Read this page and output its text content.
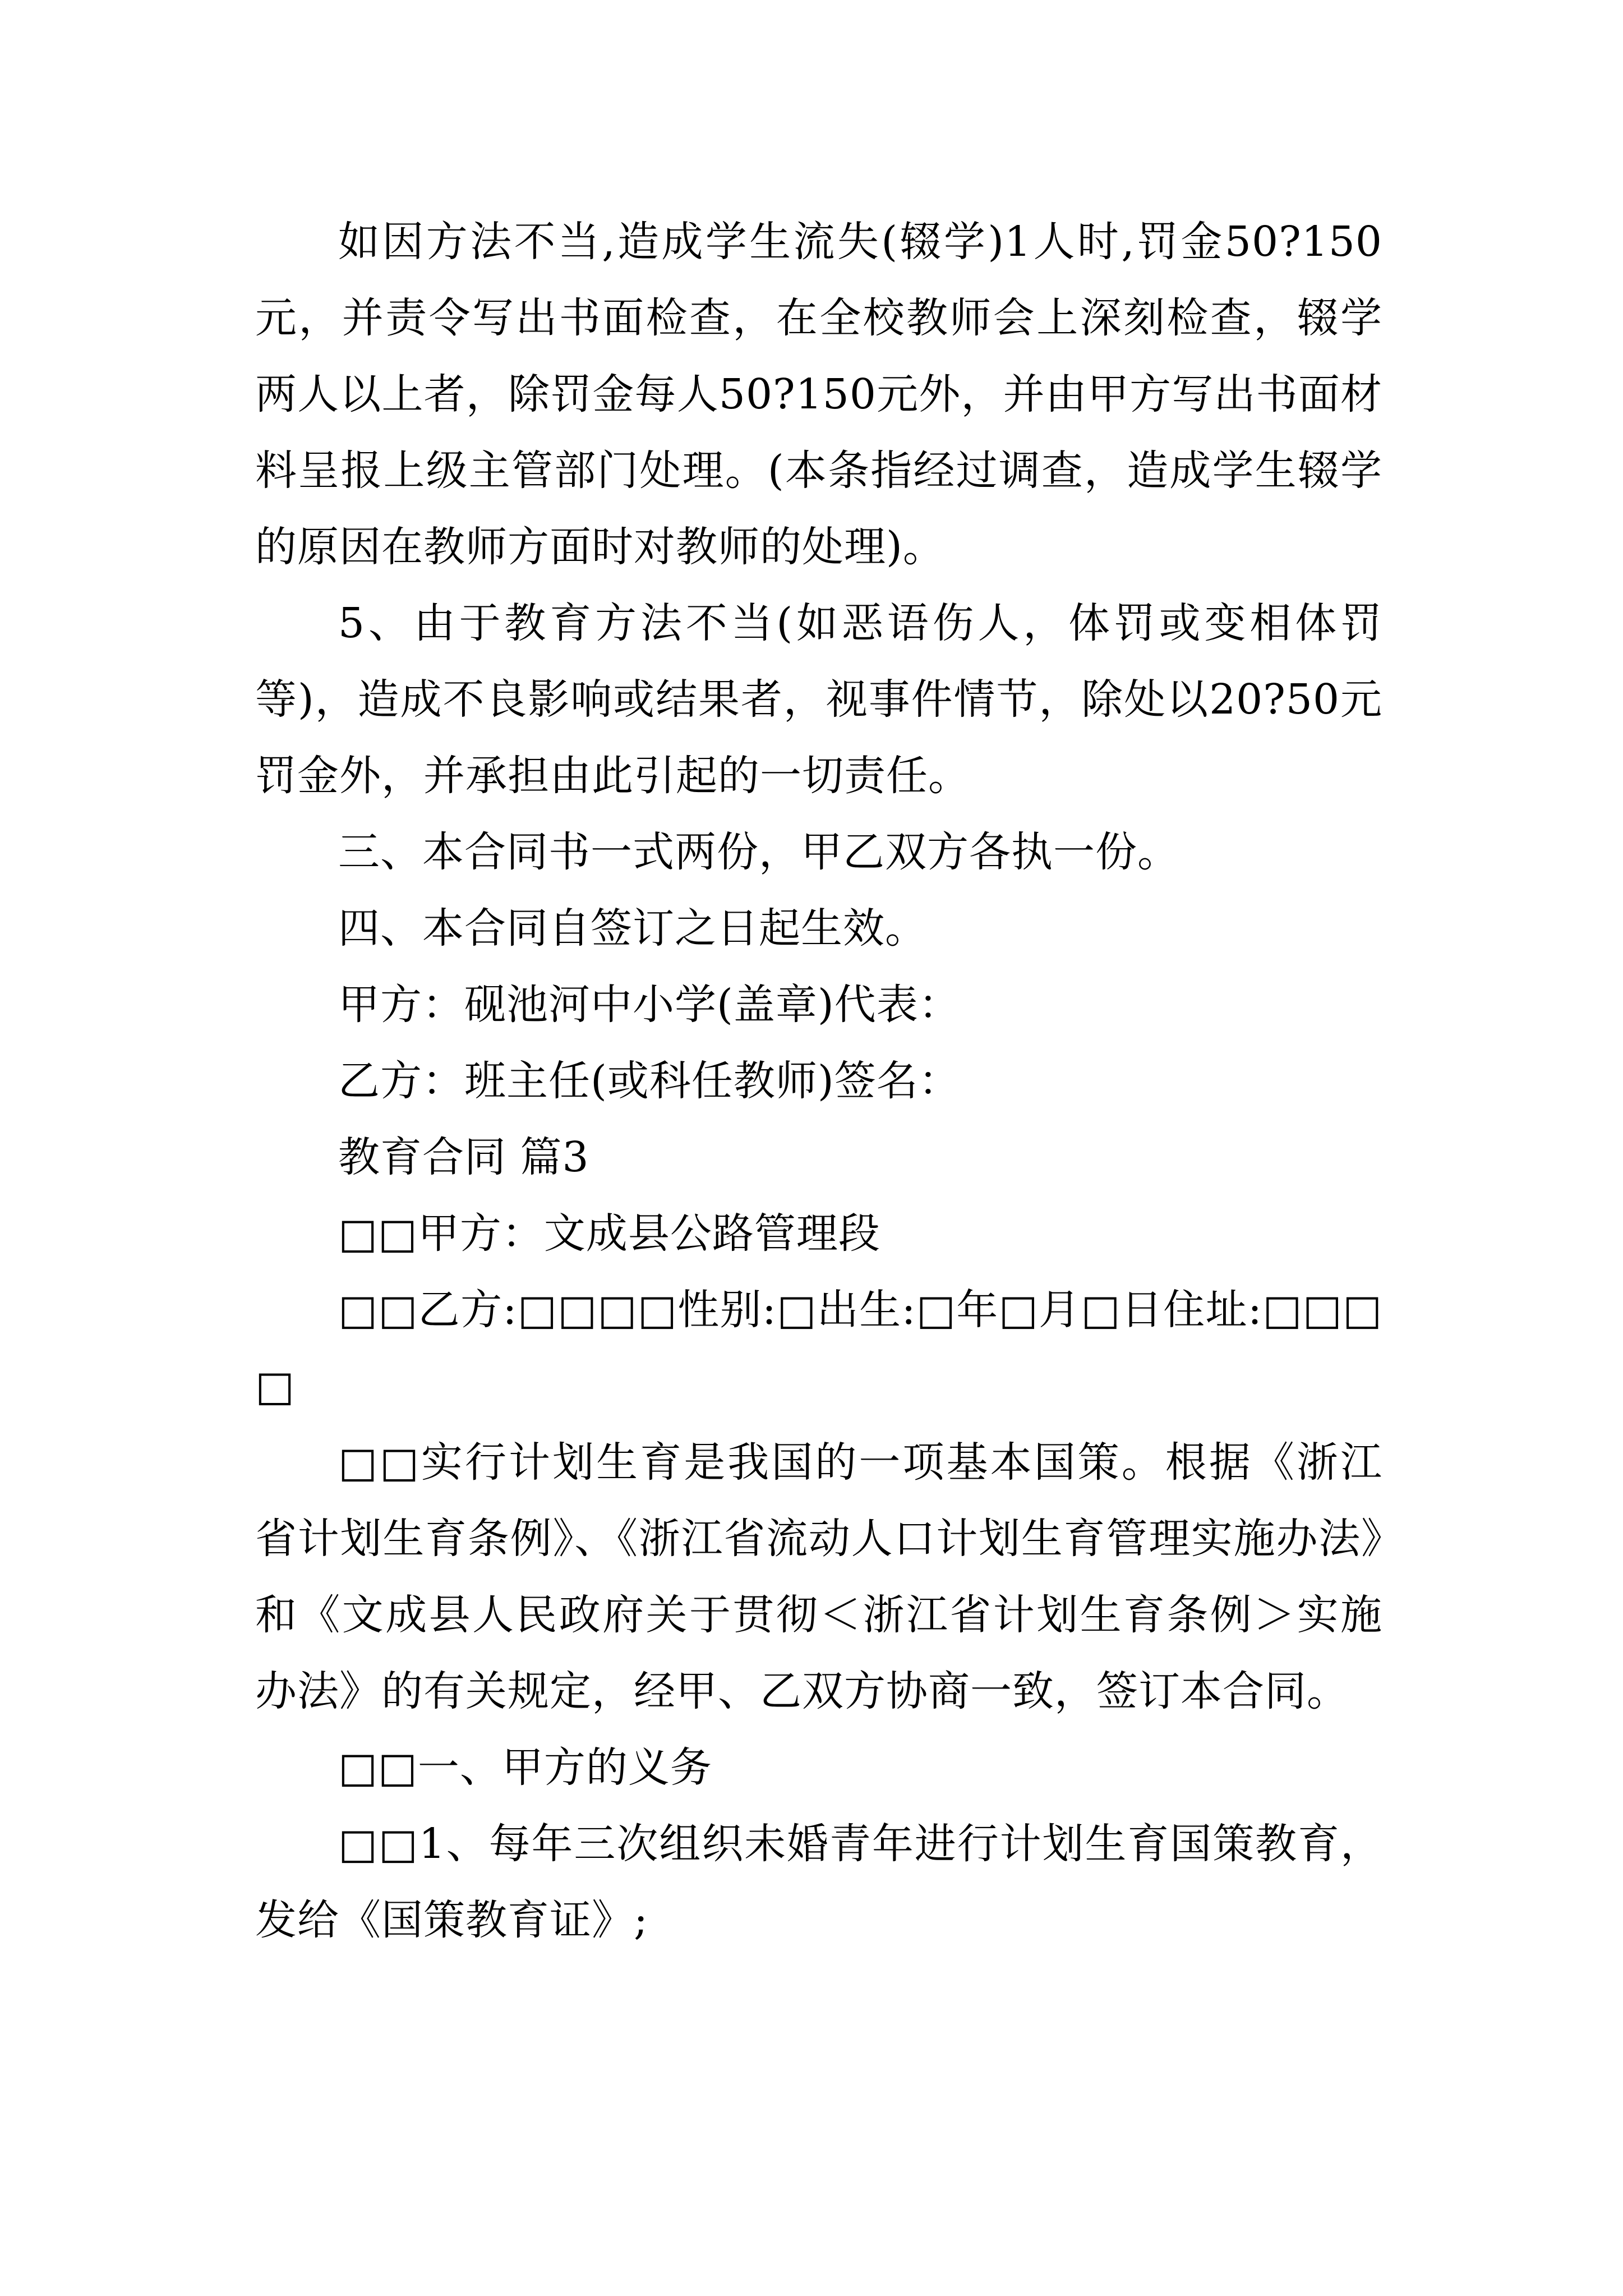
如因方法不当,造成学生流失(辍学)1人时,罚金50?150元，并责令写出书面检查，在全校教师会上深刻检查，辍学两人以上者，除罚金每人50?150元外，并由甲方写出书面材料呈报上级主管部门处理。(本条指经过调查，造成学生辍学的原因在教师方面时对教师的处理)。

5、由于教育方法不当(如恶语伤人，体罚或变相体罚等)，造成不良影响或结果者，视事件情节，除处以20?50元罚金外，并承担由此引起的一切责任。

三、本合同书一式两份，甲乙双方各执一份。

四、本合同自签订之日起生效。

甲方：砚池河中小学(盖章)代表：

乙方：班主任(或科任教师)签名：

教育合同 篇3

□□甲方：文成县公路管理段

□□乙方:□□□□性别:□出生:□年□月□日住址:□□□□

□□实行计划生育是我国的一项基本国策。根据《浙江省计划生育条例》、《浙江省流动人口计划生育管理实施办法》和《文成县人民政府关于贯彻＜浙江省计划生育条例＞实施办法》的有关规定，经甲、乙双方协商一致，签订本合同。

□□一、甲方的义务

□□1、每年三次组织未婚青年进行计划生育国策教育，发给《国策教育证》;
